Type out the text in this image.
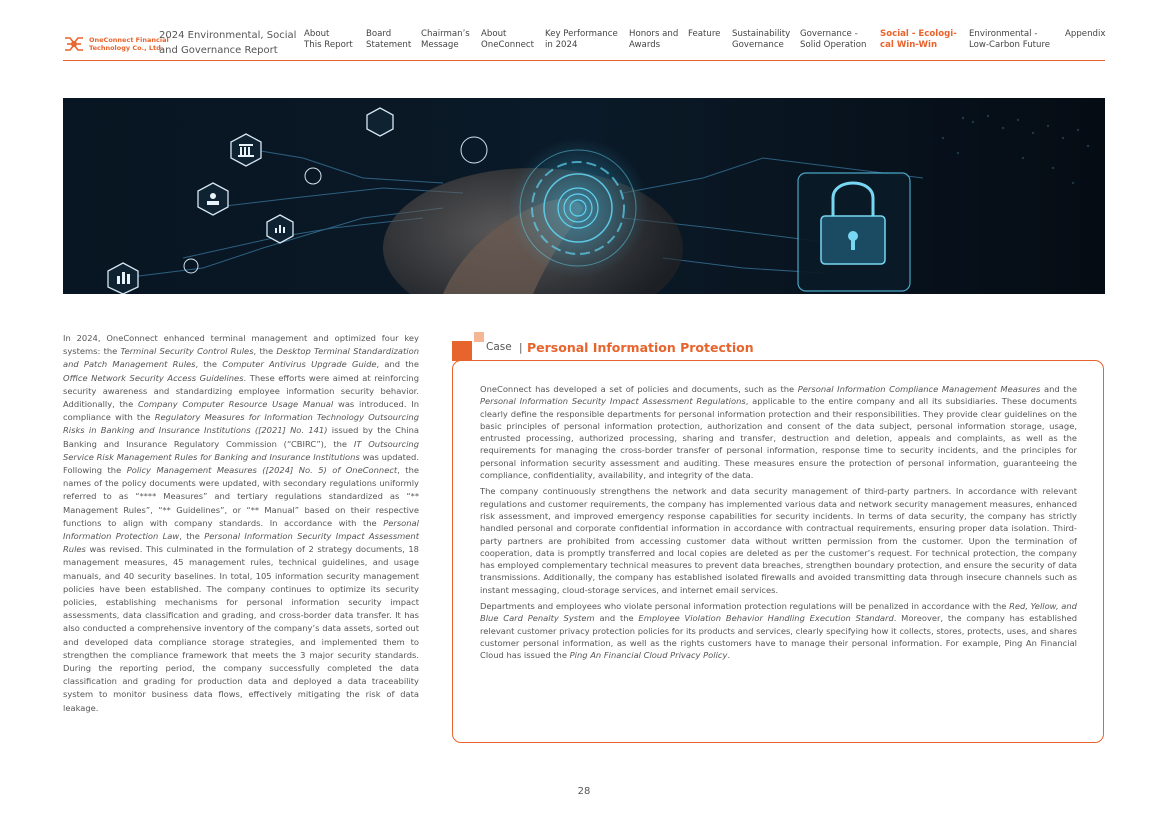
OneConnect Financial
Technology Co., Ltd.
2024 Environmental, Social and Governance Report
About
This Report
Board
Statement
Chairman’s
Message
About
OneConnect
Key Performance
in 2024
Honors and
Awards
Feature Sustainability
Governance
Governance -
Solid Operation
Social - Ecologi-
cal Win-Win
Environmental -
Low-Carbon Future
Appendix

In 2024, OneConnect enhanced terminal management and optimized four key systems: the Terminal Security Control Rules, the Desktop Terminal Standardization and Patch Management Rules, the Computer Antivirus Upgrade Guide, and the Office Network Security Access Guidelines. These efforts were aimed at reinforcing security awareness and standardizing employee information security behavior. Additionally, the Company Computer Resource Usage Manual was introduced. In compliance with the Regulatory Measures for Information Technology Outsourcing Risks in Banking and Insurance Institutions ([2021] No. 141) issued by the China Banking and Insurance Regulatory Commission (“CBIRC”), the IT Outsourcing Service Risk Management Rules for Banking and Insurance Institutions was updated. Following the Policy Management Measures ([2024] No. 5) of OneConnect, the names of the policy documents were updated, with secondary regulations uniformly referred to as “**** Measures” and tertiary regulations standardized as “** Management Rules”, “** Guidelines”, or “** Manual” based on their respective functions to align with company standards. In accordance with the Personal Information Protection Law, the Personal Information Security Impact Assessment Rules was revised. This culminated in the formulation of 2 strategy documents, 18 management measures, 45 management rules, technical guidelines, and usage manuals, and 40 security baselines. In total, 105 information security management policies have been established. The company continues to optimize its security policies, establishing mechanisms for personal information security impact assessments, data classification and grading, and cross-border data transfer. It has also conducted a comprehensive inventory of the company’s data assets, sorted out and developed data compliance storage strategies, and implemented them to strengthen the compliance framework that meets the 3 major security standards. During the reporting period, the company successfully completed the data classification and grading for production data and deployed a data traceability system to monitor business data flows, effectively mitigating the risk of data leakage.

Case | Personal Information Protection

OneConnect has developed a set of policies and documents, such as the Personal Information Compliance Management Measures and the Personal Information Security Impact Assessment Regulations, applicable to the entire company and all its subsidiaries. These documents clearly define the responsible departments for personal information protection and their responsibilities. They provide clear guidelines on the basic principles of personal information protection, authorization and consent of the data subject, personal information storage, usage, entrusted processing, authorized processing, sharing and transfer, destruction and deletion, appeals and complaints, as well as the requirements for managing the cross-border transfer of personal information, response time to security incidents, and the principles for personal information security assessment and auditing. These measures ensure the protection of personal information, guaranteeing the compliance, confidentiality, availability, and integrity of the data.

The company continuously strengthens the network and data security management of third-party partners. In accordance with relevant regulations and customer requirements, the company has implemented various data and network security management measures, enhanced risk assessment, and improved emergency response capabilities for security incidents. In terms of data security, the company has strictly handled personal and corporate confidential information in accordance with contractual requirements, ensuring proper data isolation. Third-party partners are prohibited from accessing customer data without written permission from the customer. Upon the termination of cooperation, data is promptly transferred and local copies are deleted as per the customer’s request. For technical protection, the company has employed complementary technical measures to prevent data breaches, strengthen boundary protection, and ensure the security of data transmissions. Additionally, the company has established isolated firewalls and avoided transmitting data through insecure channels such as instant messaging, cloud-storage services, and internet email services.

Departments and employees who violate personal information protection regulations will be penalized in accordance with the Red, Yellow, and Blue Card Penalty System and the Employee Violation Behavior Handling Execution Standard. Moreover, the company has established relevant customer privacy protection policies for its products and services, clearly specifying how it collects, stores, protects, uses, and shares customer personal information, as well as the rights customers have to manage their personal information. For example, Ping An Financial Cloud has issued the Ping An Financial Cloud Privacy Policy.

28
